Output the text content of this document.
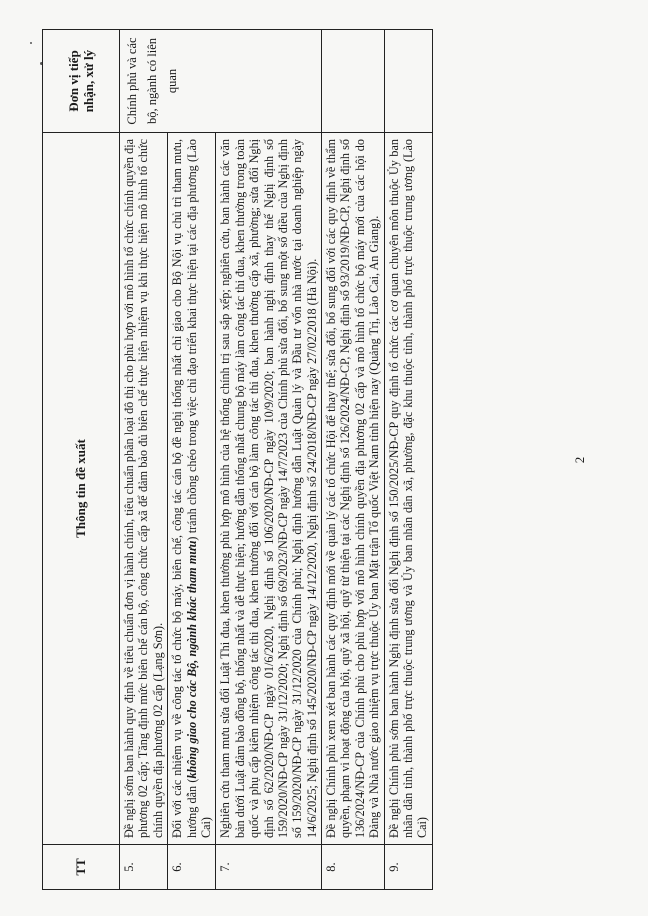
TT	Thông tin đề xuất	Đơn vị tiếp nhận, xử lý
5.	Đề nghị sớm ban hành quy định về tiêu chuẩn đơn vị hành chính, tiêu chuẩn phân loại đô thị cho phù hợp với mô hình tổ chức chính quyền địa phương 02 cấp; Tăng định mức biên chế cán bộ, công chức cấp xã để đảm bảo đủ biên chế thực hiện nhiệm vụ khi thực hiện mô hình tổ chức chính quyền địa phương 02 cấp (Lạng Sơn).	Chính phủ và các bộ, ngành có liên quan
6.	Đối với các nhiệm vụ về công tác tổ chức bộ máy, biên chế, công tác cán bộ đề nghị thống nhất chỉ giao cho Bộ Nội vụ chủ trì tham mưu, hướng dẫn (không giao cho các Bộ, ngành khác tham mưu) tránh chồng chéo trong việc chỉ đạo triển khai thực hiện tại các địa phương (Lào Cai)	
7.	Nghiên cứu tham mưu sửa đổi Luật Thi đua, khen thưởng phù hợp mô hình của hệ thống chính trị sau sắp xếp; nghiên cứu, ban hành các văn bản dưới Luật đảm bảo đồng bộ, thống nhất và dễ thực hiện; hướng dẫn thống nhất chung bộ máy làm công tác thi đua, khen thưởng trong toàn quốc và phụ cấp kiêm nhiệm công tác thi đua, khen thưởng đối với cán bộ làm công tác thi đua, khen thưởng cấp xã, phường; sửa đổi Nghị định số 62/2020/NĐ-CP ngày 01/6/2020, Nghị định số 106/2020/NĐ-CP ngày 10/9/2020; ban hành nghị định thay thế Nghị định số 159/2020/NĐ-CP ngày 31/12/2020; Nghị định số 69/2023/NĐ-CP ngày 14/7/2023 của Chính phủ sửa đổi, bổ sung một số điều của Nghị định số 159/2020/NĐ-CP ngày 31/12/2020 của Chính phủ; Nghị định hướng dẫn Luật Quản lý và Đầu tư vốn nhà nước tại doanh nghiệp ngày 14/6/2025; Nghị định số 145/2020/NĐ-CP ngày 14/12/2020, Nghị định số 24/2018/NĐ-CP ngày 27/02/2018 (Hà Nội).	
8.	Đề nghị Chính phủ xem xét ban hành các quy định mới về quản lý các tổ chức Hội để thay thế; sửa đổi, bổ sung đối với các quy định về thẩm quyền, phạm vi hoạt động của hội, quỹ xã hội, quỹ từ thiện tại các Nghị định số 126/2024/NĐ-CP, Nghị định số 93/2019/NĐ-CP, Nghị định số 136/2024/NĐ-CP của Chính phủ cho phù hợp với mô hình chính quyền địa phương 02 cấp và mô hình tổ chức bộ máy mới của các hội do Đảng và Nhà nước giao nhiệm vụ trực thuộc Ủy ban Mặt trận Tổ quốc Việt Nam tỉnh hiện nay (Quảng Trị, Lào Cai, An Giang).	
9.	Đề nghị Chính phủ sớm ban hành Nghị định sửa đổi Nghị định số 150/2025/NĐ-CP quy định tổ chức các cơ quan chuyên môn thuộc Ủy ban nhân dân tỉnh, thành phố trực thuộc trung ương và Ủy ban nhân dân xã, phường, đặc khu thuộc tỉnh, thành phố trực thuộc trung ương (Lào Cai)	
2
